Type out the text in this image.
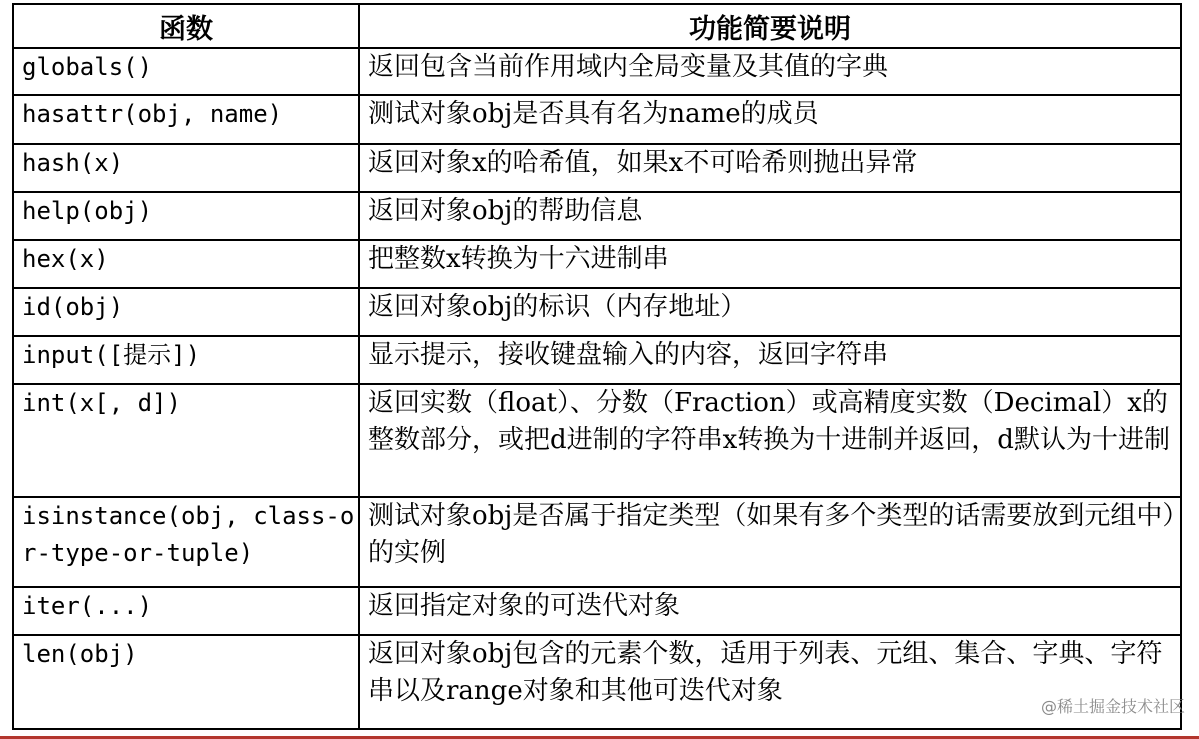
函数	功能简要说明
globals()	返回包含当前作用域内全局变量及其值的字典
hasattr(obj, name)	测试对象obj是否具有名为name的成员
hash(x)	返回对象x的哈希值，如果x不可哈希则抛出异常
help(obj)	返回对象obj的帮助信息
hex(x)	把整数x转换为十六进制串
id(obj)	返回对象obj的标识（内存地址）
input([提示])	显示提示，接收键盘输入的内容，返回字符串
int(x[, d])	返回实数（float）、分数（Fraction）或高精度实数（Decimal）x的整数部分，或把d进制的字符串x转换为十进制并返回，d默认为十进制
isinstance(obj, class-or-type-or-tuple)	测试对象obj是否属于指定类型（如果有多个类型的话需要放到元组中）的实例
iter(...)	返回指定对象的可迭代对象
len(obj)	返回对象obj包含的元素个数，适用于列表、元组、集合、字典、字符串以及range对象和其他可迭代对象
@稀土掘金技术社区
